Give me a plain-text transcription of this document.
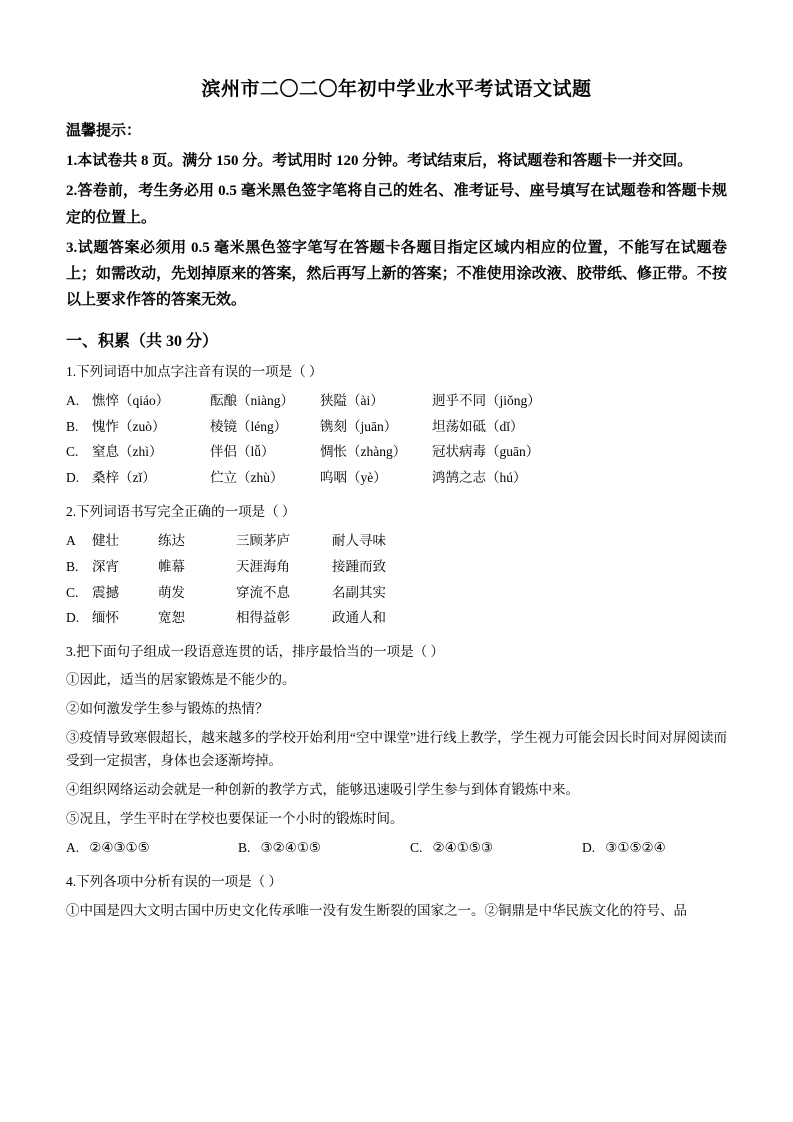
滨州市二〇二〇年初中学业水平考试语文试题
温馨提示：
1.本试卷共 8 页。满分 150 分。考试用时 120 分钟。考试结束后，将试题卷和答题卡一并交回。
2.答卷前，考生务必用 0.5 毫米黑色签字笔将自己的姓名、准考证号、座号填写在试题卷和答题卡规定的位置上。
3.试题答案必须用 0.5 毫米黑色签字笔写在答题卡各题目指定区域内相应的位置，不能写在试题卷上；如需改动，先划掉原来的答案，然后再写上新的答案；不准使用涂改液、胶带纸、修正带。不按以上要求作答的答案无效。
一、积累（共 30 分）
1.下列词语中加点字注音有误的一项是（ ）
A. 憔悴（qiáo）	酝酿（niàng）	狭隘（ài）	迥乎不同（jiǒng）
B.	愧怍（zuò）	棱镜（léng）	镌刻（juān）	坦荡如砥（dǐ）
C.	窒息（zhì）	伴侣（lǚ）	惆怅（zhàng）	冠状病毒（guān）
D. 桑梓（zǐ）	伫立（zhù）	呜咽（yè）	鸿鹄之志（hú）
2.下列词语书写完全正确的一项是（ ）
A	健壮	练达	三顾茅庐	耐人寻味
B.	深宵	帷幕	天涯海角	接踵而致
C.	震撼	萌发	穿流不息	名副其实
D. 缅怀	宽恕	相得益彰	政通人和
3.把下面句子组成一段语意连贯的话，排序最恰当的一项是（ ）
①因此，适当的居家锻炼是不能少的。
②如何激发学生参与锻炼的热情？
③疫情导致寒假超长，越来越多的学校开始利用“空中课堂”进行线上教学，学生视力可能会因长时间对屏阅读而受到一定损害，身体也会逐渐垮掉。
④组织网络运动会就是一种创新的教学方式，能够迅速吸引学生参与到体育锻炼中来。
⑤况且，学生平时在学校也要保证一个小时的锻炼时间。
A. ②④③①⑤	B. ③②④①⑤	C. ②④①⑤③	D. ③①⑤②④
4.下列各项中分析有误的一项是（ ）
①中国是四大文明古国中历史文化传承唯一没有发生断裂的国家之一。②铜鼎是中华民族文化的符号、品
